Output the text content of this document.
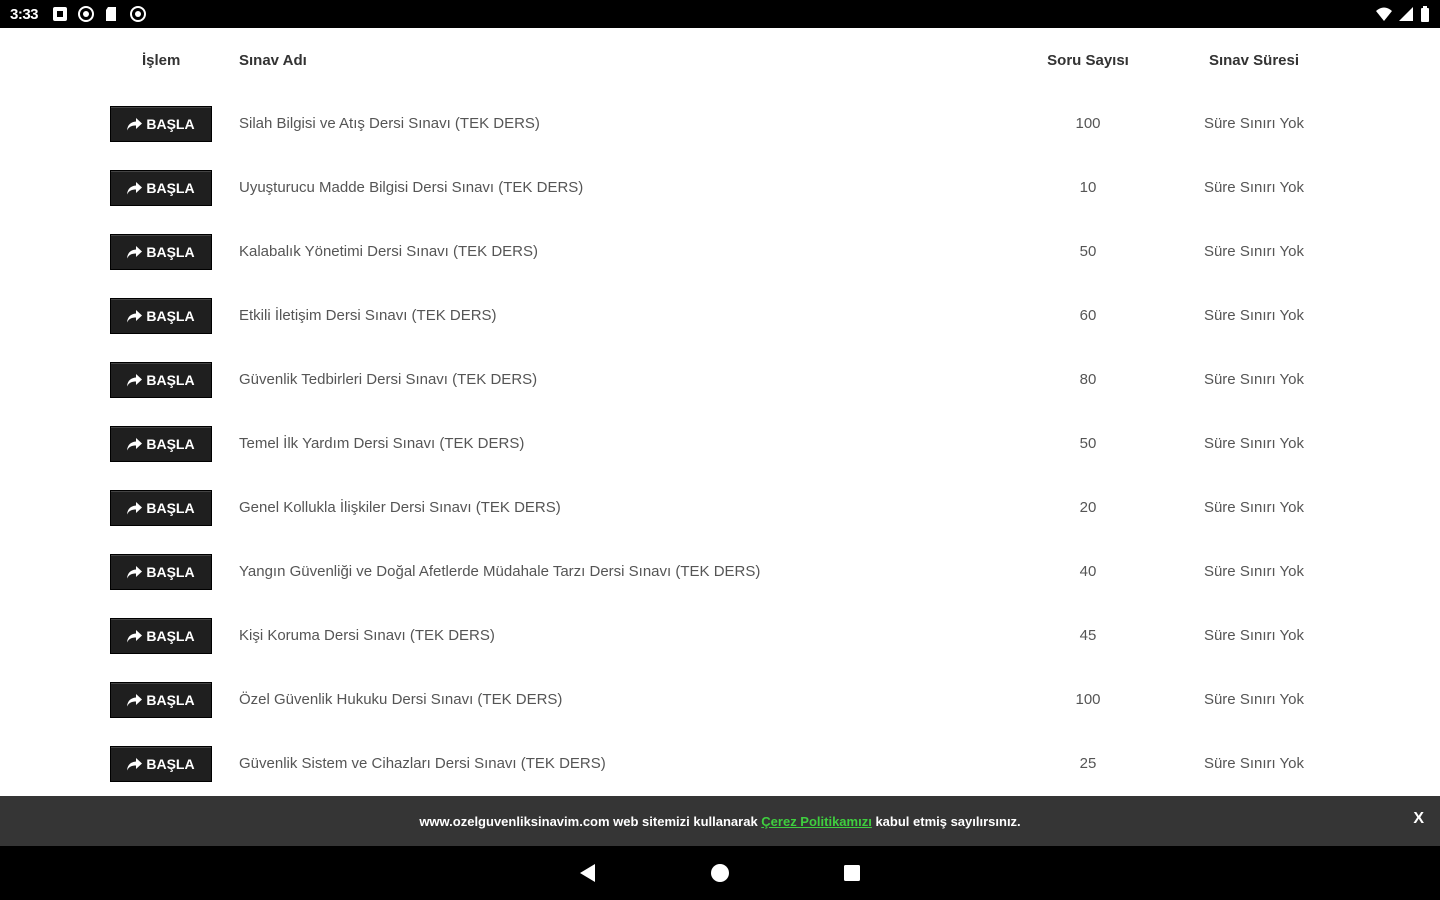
3:33
İşlem	Sınav Adı	Soru Sayısı	Sınav Süresi
BAŞLA	Silah Bilgisi ve Atış Dersi Sınavı (TEK DERS)	100	Süre Sınırı Yok
BAŞLA	Uyuşturucu Madde Bilgisi Dersi Sınavı (TEK DERS)	10	Süre Sınırı Yok
BAŞLA	Kalabalık Yönetimi Dersi Sınavı (TEK DERS)	50	Süre Sınırı Yok
BAŞLA	Etkili İletişim Dersi Sınavı (TEK DERS)	60	Süre Sınırı Yok
BAŞLA	Güvenlik Tedbirleri Dersi Sınavı (TEK DERS)	80	Süre Sınırı Yok
BAŞLA	Temel İlk Yardım Dersi Sınavı (TEK DERS)	50	Süre Sınırı Yok
BAŞLA	Genel Kollukla İlişkiler Dersi Sınavı (TEK DERS)	20	Süre Sınırı Yok
BAŞLA	Yangın Güvenliği ve Doğal Afetlerde Müdahale Tarzı Dersi Sınavı (TEK DERS)	40	Süre Sınırı Yok
BAŞLA	Kişi Koruma Dersi Sınavı (TEK DERS)	45	Süre Sınırı Yok
BAŞLA	Özel Güvenlik Hukuku Dersi Sınavı (TEK DERS)	100	Süre Sınırı Yok
BAŞLA	Güvenlik Sistem ve Cihazları Dersi Sınavı (TEK DERS)	25	Süre Sınırı Yok
www.ozelguvenliksinavim.com web sitemizi kullanarak Çerez Politikamızı kabul etmiş sayılırsınız.	X
